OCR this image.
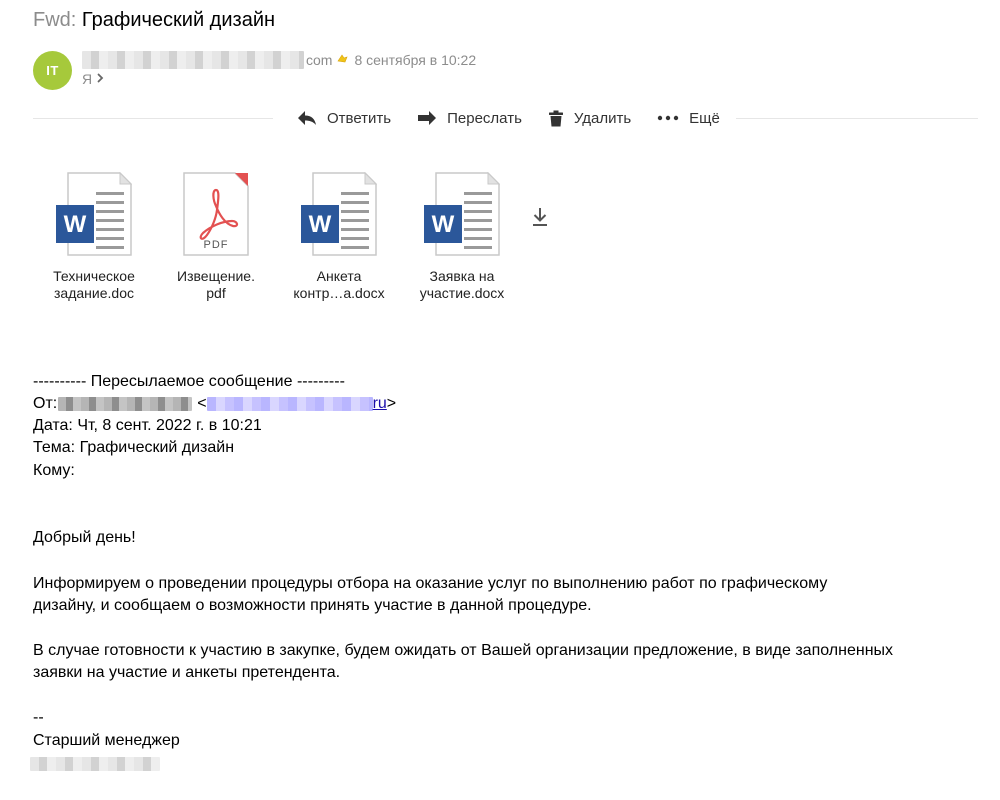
Fwd: Графический дизайн
IT
com 8 сентября в 10:22
Я
Ответить	Переслать	Удалить	Ещё
W
Техническое
задание.doc
PDF
Извещение.
pdf
W
Анкета
контр…а.docx
W
Заявка на
участие.docx
---------- Пересылаемое сообщение ---------
От:	<	ru >
Дата: Чт, 8 сент. 2022 г. в 10:21
Тема: Графический дизайн
Кому:
Добрый день!
Информируем о проведении процедуры отбора на оказание услуг по выполнению работ по графическому
дизайну, и сообщаем о возможности принять участие в данной процедуре.
В случае готовности к участию в закупке, будем ожидать от Вашей организации предложение, в виде заполненных
заявки на участие и анкеты претендента.
--
Старший менеджер
